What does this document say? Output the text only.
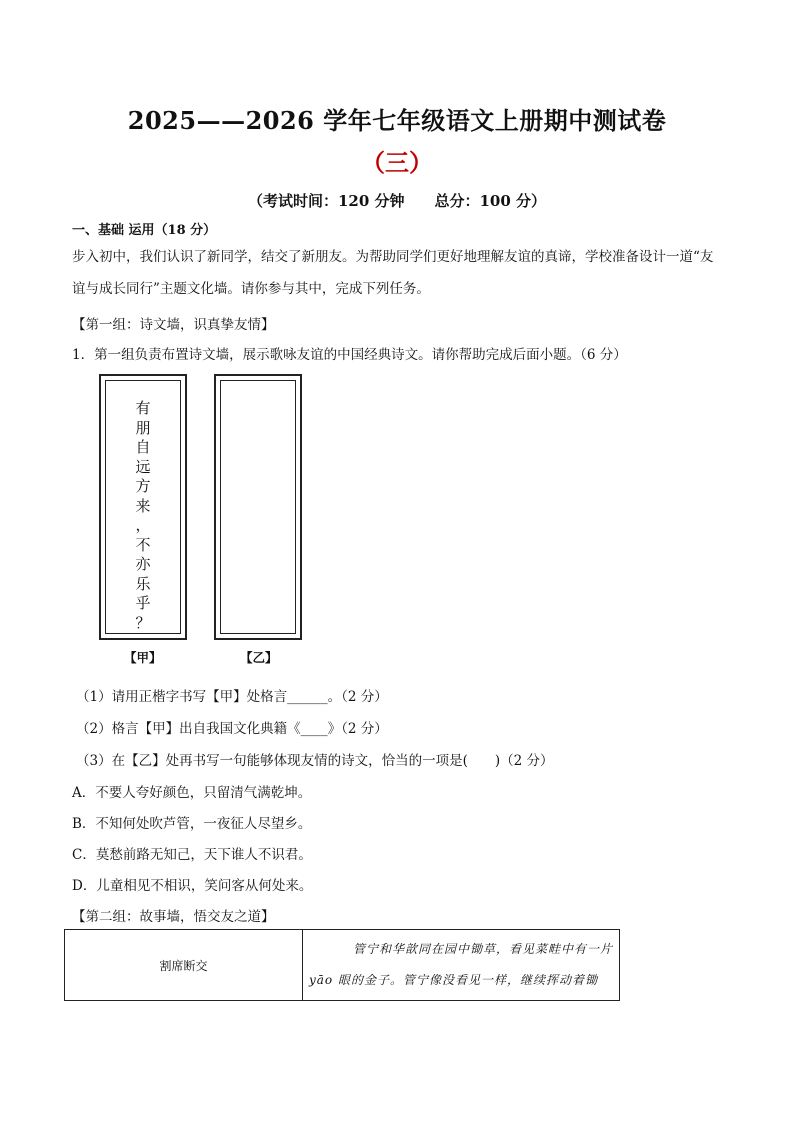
2025——2026 学年七年级语文上册期中测试卷
（三）
（考试时间：120 分钟　　总分：100 分）
一、基础 运用（18 分）
步入初中，我们认识了新同学，结交了新朋友。为帮助同学们更好地理解友谊的真谛，学校准备设计一道“友
谊与成长同行”主题文化墙。请你参与其中，完成下列任务。
【第一组：诗文墙，识真挚友情】
1．第一组负责布置诗文墙，展示歌咏友谊的中国经典诗文。请你帮助完成后面小题。（6 分）
有
朋
自
远
方
来
，
不
亦
乐
乎
？
【甲】	【乙】
（1）请用正楷字书写【甲】处格言______。（2 分）
（2）格言【甲】出自我国文化典籍《____》（2 分）
（3）在【乙】处再书写一句能够体现友情的诗文，恰当的一项是(　　)（2 分）
A．不要人夸好颜色，只留清气满乾坤。
B．不知何处吹芦管，一夜征人尽望乡。
C．莫愁前路无知己，天下谁人不识君。
D．儿童相见不相识，笑问客从何处来。
【第二组：故事墙，悟交友之道】
割席断交	
管宁和华歆同在园中锄草，看见菜畦中有一片
yāo 眼的金子。管宁像没看见一样，继续挥动着锄
